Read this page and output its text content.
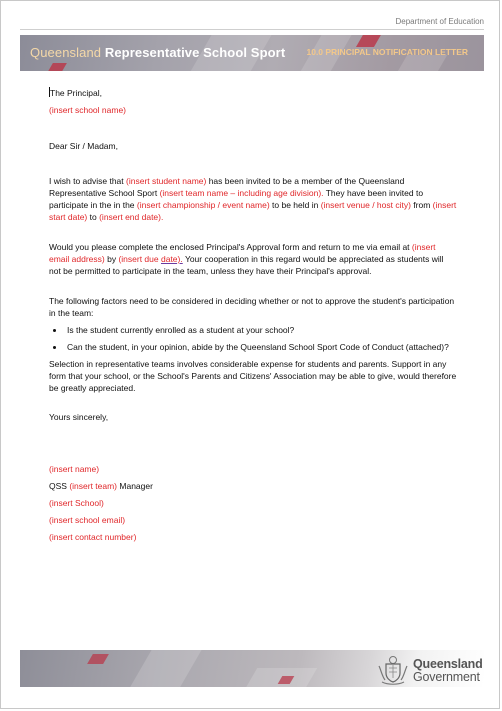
Department of Education
Queensland Representative School Sport 10.0 PRINCIPAL NOTIFICATION LETTER

The Principal,

(insert school name)

Dear Sir / Madam,

I wish to advise that (insert student name) has been invited to be a member of the Queensland Representative School Sport (insert team name – including age division). They have been invited to participate in the in the (insert championship / event name) to be held in (insert venue / host city) from (insert start date) to (insert end date).

Would you please complete the enclosed Principal's Approval form and return to me via email at (insert email address) by (insert due date). Your cooperation in this regard would be appreciated as students will not be permitted to participate in the team, unless they have their Principal's approval.

The following factors need to be considered in deciding whether or not to approve the student's participation in the team:

• Is the student currently enrolled as a student at your school?
• Can the student, in your opinion, abide by the Queensland School Sport Code of Conduct (attached)?

Selection in representative teams involves considerable expense for students and parents. Support in any form that your school, or the School's Parents and Citizens' Association may be able to give, would therefore be greatly appreciated.

Yours sincerely,

(insert name)

QSS (insert team) Manager

(insert School)

(insert school email)

(insert contact number)

Queensland
Government
